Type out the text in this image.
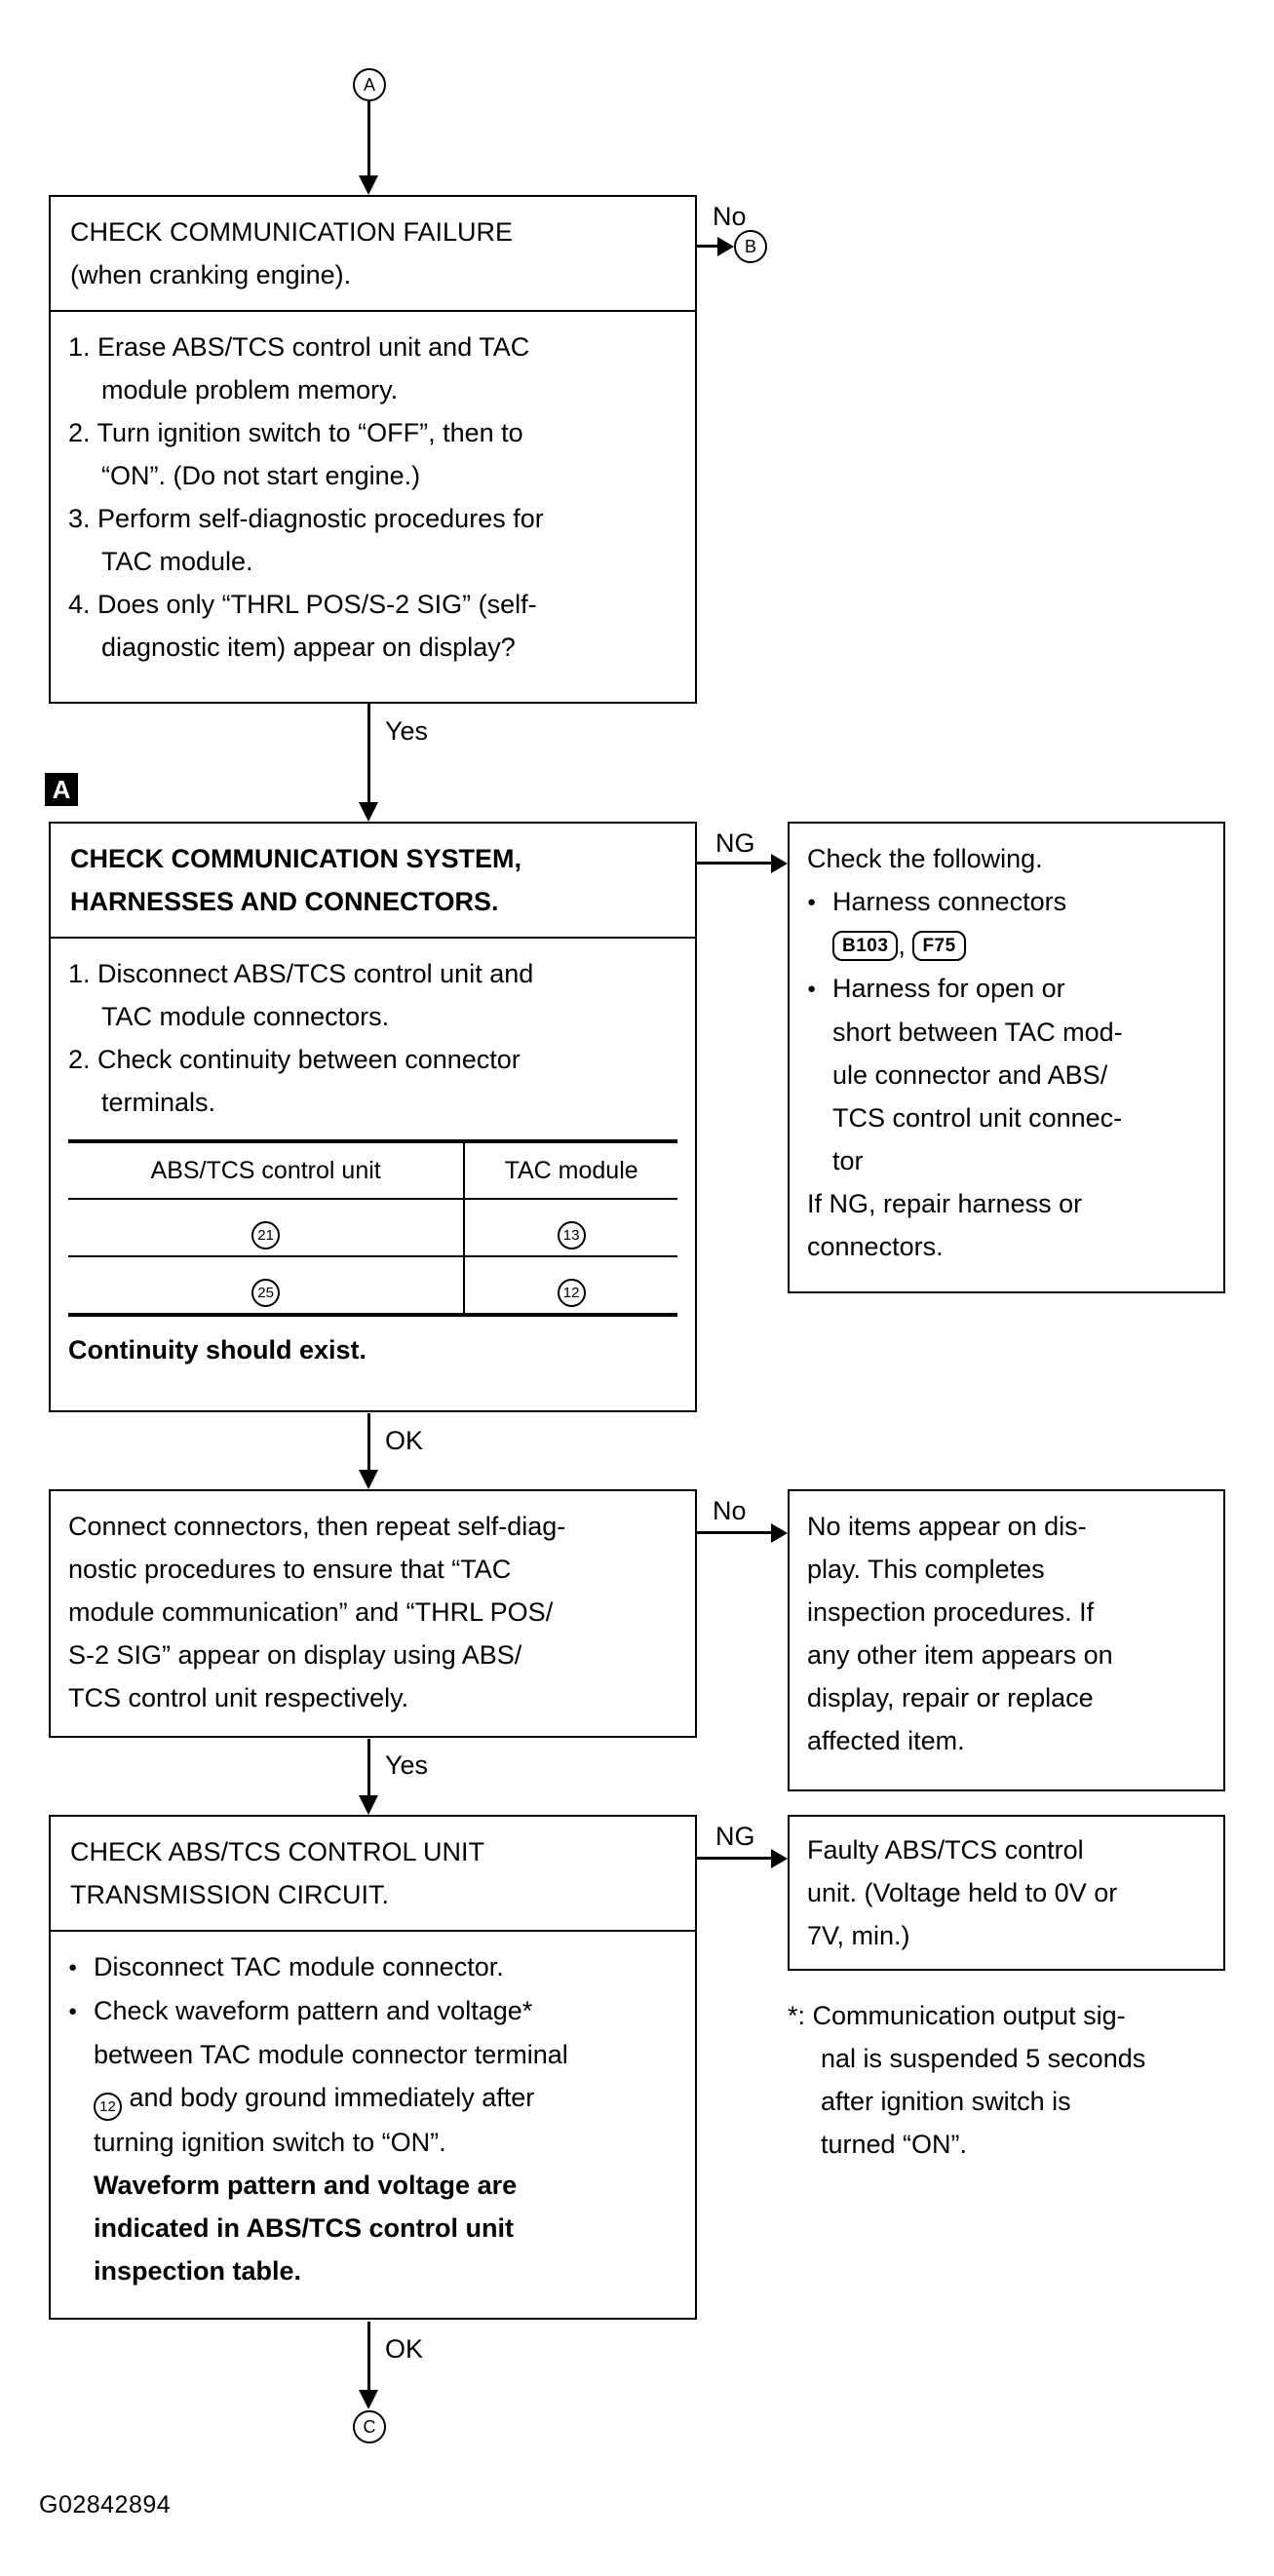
A
CHECK COMMUNICATION FAILURE
(when cranking engine).
1. Erase ABS/TCS control unit and TAC
module problem memory.
2. Turn ignition switch to “OFF”, then to
“ON”. (Do not start engine.)
3. Perform self-diagnostic procedures for
TAC module.
4. Does only “THRL POS/S-2 SIG” (self-
diagnostic item) appear on display?
No
B
Yes
A
CHECK COMMUNICATION SYSTEM,
HARNESSES AND CONNECTORS.
1. Disconnect ABS/TCS control unit and
TAC module connectors.
2. Check continuity between connector
terminals.
ABS/TCS control unit	TAC module
21	13
25	12
Continuity should exist.
NG
Check the following.
● Harness connectors
B103 , F75
● Harness for open or
short between TAC mod-
ule connector and ABS/
TCS control unit connec-
tor
If NG, repair harness or
connectors.
OK
Connect connectors, then repeat self-diag-
nostic procedures to ensure that “TAC
module communication” and “THRL POS/
S-2 SIG” appear on display using ABS/
TCS control unit respectively.
No
No items appear on dis-
play. This completes
inspection procedures. If
any other item appears on
display, repair or replace
affected item.
Yes
CHECK ABS/TCS CONTROL UNIT
TRANSMISSION CIRCUIT.
● Disconnect TAC module connector.
● Check waveform pattern and voltage*
between TAC module connector terminal
12 and body ground immediately after
turning ignition switch to “ON”.
Waveform pattern and voltage are
indicated in ABS/TCS control unit
inspection table.
NG Faulty ABS/TCS control
unit. (Voltage held to 0V or
7V, min.)
*: Communication output sig-
nal is suspended 5 seconds
after ignition switch is
turned “ON”.
OK
C
G02842894
